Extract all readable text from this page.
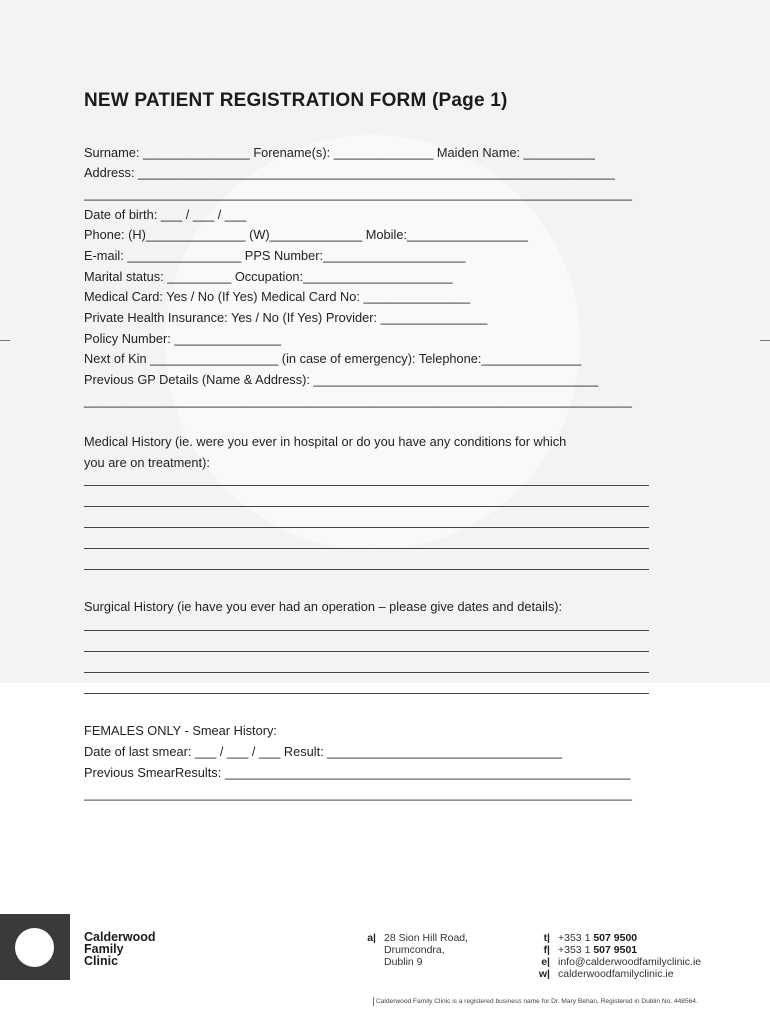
NEW PATIENT REGISTRATION FORM (Page 1)
Surname: _______________ Forename(s): ______________ Maiden Name: __________
Address: ___________________________________________________________________
_____________________________________________________________________________
Date of birth: ___ / ___ / ___
Phone: (H)______________ (W)_____________ Mobile:_________________
E-mail: ________________ PPS Number:____________________
Marital status: _________ Occupation:_____________________
Medical Card: Yes / No (If Yes) Medical Card No: _______________
Private Health Insurance: Yes / No (If Yes) Provider: _______________
Policy Number: _______________
Next of Kin __________________ (in case of emergency): Telephone:______________
Previous GP Details (Name & Address): ________________________________________
_____________________________________________________________________________
Medical History (ie. were you ever in hospital or do you have any conditions for which
you are on treatment):
Surgical History (ie have you ever had an operation – please give dates and details):
FEMALES ONLY - Smear History:
Date of last smear: ___ / ___ / ___ Result: _________________________________
Previous SmearResults: _________________________________________________________
_____________________________________________________________________________
Calderwood
Family
Clinic
a| 28 Sion Hill Road,
Drumcondra,
Dublin 9
t|
f|
e|
w|
+353 1 507 9500
+353 1 507 9501
info@calderwoodfamilyclinic.ie
calderwoodfamilyclinic.ie
Calderwood Family Clinic is a registered business name for Dr. Mary Behan, Registered in Dublin No. 448564.
